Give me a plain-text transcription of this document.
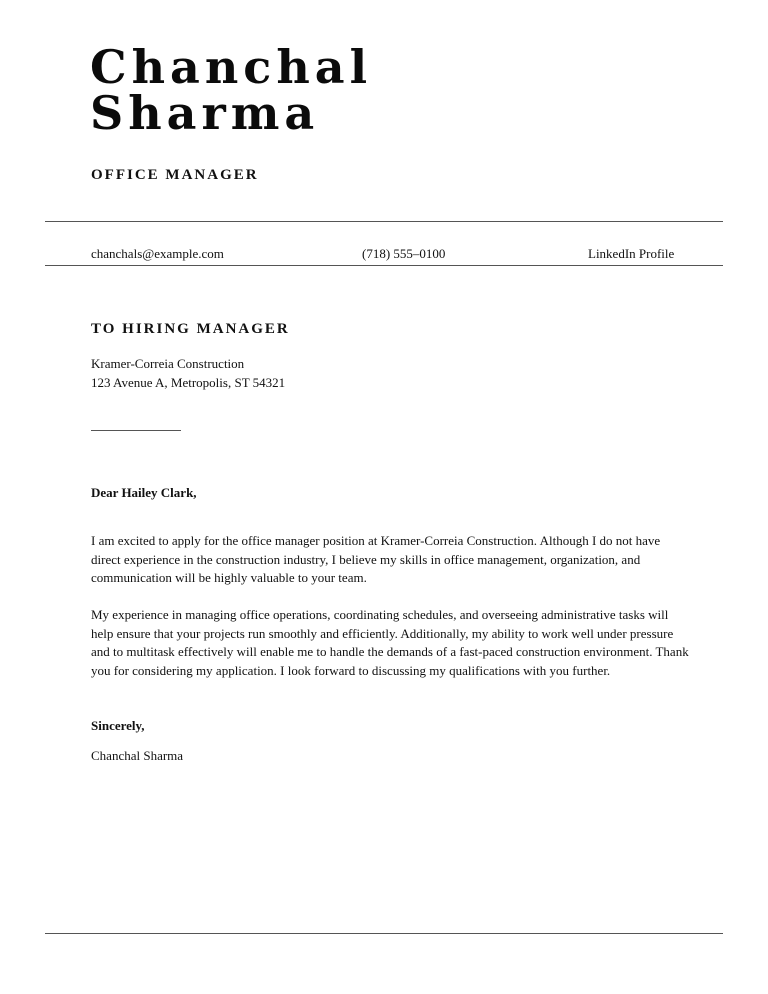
Chanchal
Sharma
OFFICE MANAGER
chanchals@example.com	(718) 555–0100	LinkedIn Profile
TO HIRING MANAGER
Kramer-Correia Construction
123 Avenue A, Metropolis, ST 54321
Dear Hailey Clark,

I am excited to apply for the office manager position at Kramer-Correia Construction. Although I do not have direct experience in the construction industry, I believe my skills in office management, organization, and communication will be highly valuable to your team.

My experience in managing office operations, coordinating schedules, and overseeing administrative tasks will help ensure that your projects run smoothly and efficiently. Additionally, my ability to work well under pressure and to multitask effectively will enable me to handle the demands of a fast-paced construction environment. Thank you for considering my application. I look forward to discussing my qualifications with you further.

Sincerely,
Chanchal Sharma
